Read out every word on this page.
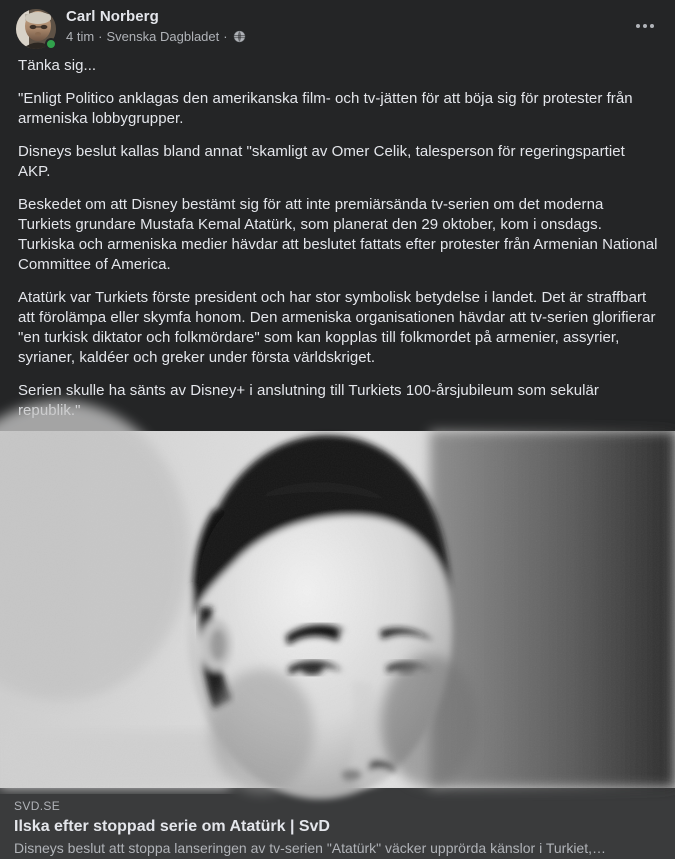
Carl Norberg
4 tim · Svenska Dagbladet ·

Tänka sig...

"Enligt Politico anklagas den amerikanska film- och tv-jätten för att böja sig för protester från armeniska lobbygrupper.

Disneys beslut kallas bland annat "skamligt av Omer Celik, talesperson för regeringspartiet AKP.

Beskedet om att Disney bestämt sig för att inte premiärsända tv-serien om det moderna Turkiets grundare Mustafa Kemal Atatürk, som planerat den 29 oktober, kom i onsdags. Turkiska och armeniska medier hävdar att beslutet fattats efter protester från Armenian National Committee of America.

Atatürk var Turkiets förste president och har stor symbolisk betydelse i landet. Det är straffbart att förolämpa eller skymfa honom. Den armeniska organisationen hävdar att tv-serien glorifierar "en turkisk diktator och folkmördare" som kan kopplas till folkmordet på armenier, assyrier, syrianer, kaldéer och greker under första världskriget.

Serien skulle ha sänts av Disney+ i anslutning till Turkiets 100-årsjubileum som sekulär

SVD.SE
Ilska efter stoppad serie om Atatürk | SvD
Disneys beslut att stoppa lanseringen av tv-serien "Atatürk" väcker upprörda känslor i Turkiet,…
